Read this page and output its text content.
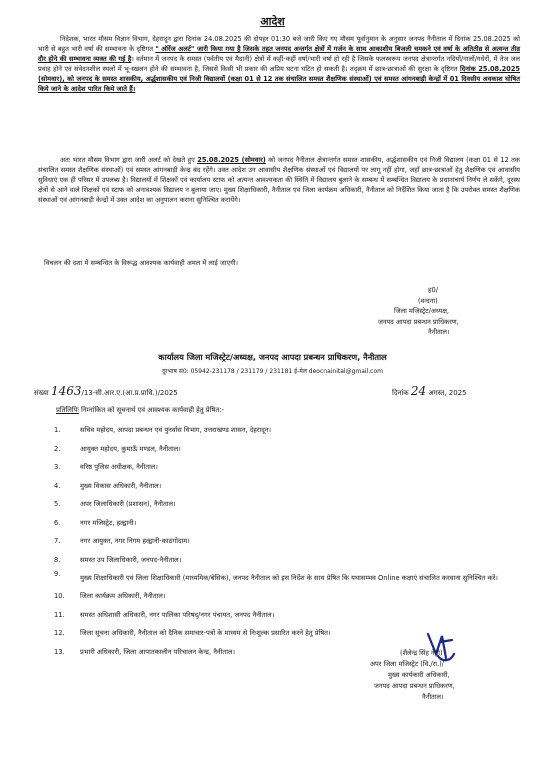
आदेश
निदेशक, भारत मौसम विज्ञान विभाग, देहरादून द्वारा दिनांक 24.08.2025 की दोपहर 01:30 बजे जारी किए गए मौसम पूर्वानुमान के अनुसार जनपद नैनीताल में दिनांक 25.08.2025 को भारी से बहुत भारी वर्षा की सम्भावना के दृष्टिगत " ऑरेंज अलर्ट" जारी किया गया है जिसके तहत जनपद अन्तर्गत क्षेत्रों में गर्जन के साथ आकाशीय बिजली चमकने एवं वर्षा के अतितीव्र से अत्यन्त तीव्र दौर होने की सम्भावना व्यक्त की गई है। वर्तमान में जनपद के समस्त (पर्वतीय एवं मैदानी) क्षेत्रों में कहीं-कहीं वर्षा/भारी वर्षा हो रही है जिसके फलस्वरूप जनपद क्षेत्रान्तर्गत नदियों/नालों/गधेरों, में तेज जल प्रवाह होने एवं संवेदनशील स्थलों में भू-स्खलन होने की सम्भावना है, जिससे किसी भी प्रकार की अप्रिय घटना घटित हो सकती है। तद्क्रम में छात्र-छात्राओं की सुरक्षा के दृष्टिगत दिनांक 25.08.2025 (सोमवार), को जनपद के समस्त शासकीय, अर्द्धशासकीय एवं निजी विद्यालयों (कक्षा 01 से 12 तक संचालित समस्त शैक्षणिक संस्थाओं) एवं समस्त आंगनबाड़ी केन्द्रों में 01 दिवसीय अवकाश घोषित किये जाने के आदेश पारित किये जाते हैं।
अतः भारत मौसम विभाग द्वारा जारी अलर्ट को देखते हुए 25.08.2025 (सोमवार) को जनपद नैनीताल क्षेत्रान्तर्गत समस्त शासकीय, अर्द्धशासकीय एवं निजी विद्यालय (कक्षा 01 से 12 तक संचालित समस्त शैक्षणिक संस्थाओं) एवं समस्त आंगनबाड़ी केन्द्र बंद रहेंगे। उक्त आदेश उन आवासीय शैक्षणिक संस्थाओं एवं विद्यालयों पर लागू नहीं होगा, जहाँ छात्र-छात्राओं हेतु शैक्षणिक एवं आवासीय सुविधाएं एक ही परिसर में उपलब्ध है। विद्यालयों में शिक्षकों एवं कार्यालय स्टाफ को अत्यन्त आवश्यकता की स्थिति में विद्यालय बुलाने के सम्बन्ध में सम्बन्धित विद्यालय के प्रधानाचार्य निर्णय ले सकेंगे, दूरस्थ क्षेत्रों से आने वाले शिक्षकों एवं स्टाफ को अनावश्यक विद्यालय न बुलाया जाए। मुख्य शिक्षाधिकारी, नैनीताल एवं जिला कार्यक्रम अधिकारी, नैनीताल को निर्देशित किया जाता है कि उपरोक्त समस्त शैक्षणिक संस्थाओं एवं आंगनबाड़ी केन्द्रों में उक्त आदेश का अनुपालन कराना सुनिश्चित करायेंगे।
विचलन की दशा में सम्बन्धित के विरूद्ध आवश्यक कार्यवाही अमल में लाई जाएगी।
ह0/
(वन्दना)
जिला मजिस्ट्रेट/अध्यक्ष,
जनपद आपदा प्रबन्धन प्राधिकरण,
नैनीताल।
कार्यालय जिला मजिस्ट्रेट/अध्यक्ष, जनपद आपदा प्रबन्धन प्राधिकरण, नैनीताल
दूरभाष सं0: 05942-231178 / 231179 / 231181 ई-मेल deocnainital@gmail.com
संख्या 1463/13-सी.आर.ए.(आ.प्र.प्राधि.)/2025	दिनांक 24 अगस्त, 2025
प्रतिलिपिः निम्नांकित को सूचनार्थ एवं आवश्यक कार्यवाही हेतु प्रेषित:-
1.	सचिव महोदय, आपदा प्रबन्धन एवं पुनर्वास विभाग, उत्तराखण्ड शासन, देहरादून।
2.	आयुक्त महोदय, कुमाऊँ मण्डल, नैनीताल।
3.	वरिष्ठ पुलिस अधीक्षक, नैनीताल।
4.	मुख्य विकास अधिकारी, नैनीताल।
5.	अपर जिलाधिकारी (प्रशासन), नैनीताल।
6.	नगर मजिस्ट्रेट, हल्द्वानी।
7.	नगर आयुक्त, नगर निगम हल्द्वानी-काठगोदाम।
8.	समस्त उप जिलाधिकारी, जनपद-नैनीताल।
9.	मुख्य शिक्षाधिकारी एवं जिला शिक्षाधिकारी (माध्यमिक/बेसिक), जनपद नैनीताल को इस निर्देश के साथ प्रेषित कि यथासम्भव Online कक्षाएं संचालित करवाना सुनिश्चित करें।
10. जिला कार्यक्रम अधिकारी, नैनीताल।
11. समस्त अधिशासी अधिकारी, नगर पालिका परिषद्/नगर पंचायत, जनपद नैनीताल।
12. जिला सूचना अधिकारी, नैनीताल को दैनिक समाचार-पत्रों के माध्यम से निःशुल्क प्रसारित करने हेतु प्रेषित।
13. प्रभारी अधिकारी, जिला आपातकालीन परिचालन केन्द्र, नैनीताल।	(शैलेन्द्र सिंह नेगी)
अपर जिला मजिस्ट्रेट (वि./रा.)/
मुख्य कार्यकारी अधिकारी,
जनपद आपदा प्रबन्धन प्राधिकरण,
नैनीताल।
